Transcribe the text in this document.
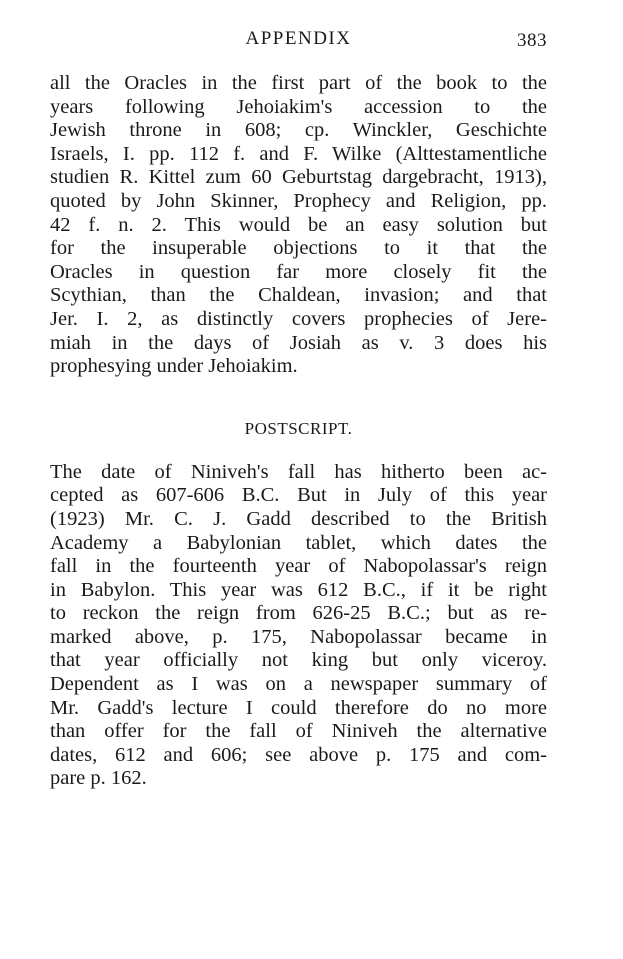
APPENDIX	383
all the Oracles in the first part of the book to the
years following Jehoiakim's accession to the
Jewish throne in 608; cp. Winckler, Geschichte
Israels, I. pp. 112 f. and F. Wilke (Alttestamentliche
studien R. Kittel zum 60 Geburtstag dargebracht, 1913),
quoted by John Skinner, Prophecy and Religion, pp.
42 f. n. 2. This would be an easy solution but
for the insuperable objections to it that the
Oracles in question far more closely fit the
Scythian, than the Chaldean, invasion; and that
Jer. I. 2, as distinctly covers prophecies of Jere-
miah in the days of Josiah as v. 3 does his
prophesying under Jehoiakim.
POSTSCRIPT.
The date of Niniveh's fall has hitherto been ac-
cepted as 607-606 B.C. But in July of this year
(1923) Mr. C. J. Gadd described to the British
Academy a Babylonian tablet, which dates the
fall in the fourteenth year of Nabopolassar's reign
in Babylon. This year was 612 B.C., if it be right
to reckon the reign from 626-25 B.C.; but as re-
marked above, p. 175, Nabopolassar became in
that year officially not king but only viceroy.
Dependent as I was on a newspaper summary of
Mr. Gadd's lecture I could therefore do no more
than offer for the fall of Niniveh the alternative
dates, 612 and 606; see above p. 175 and com-
pare p. 162.
